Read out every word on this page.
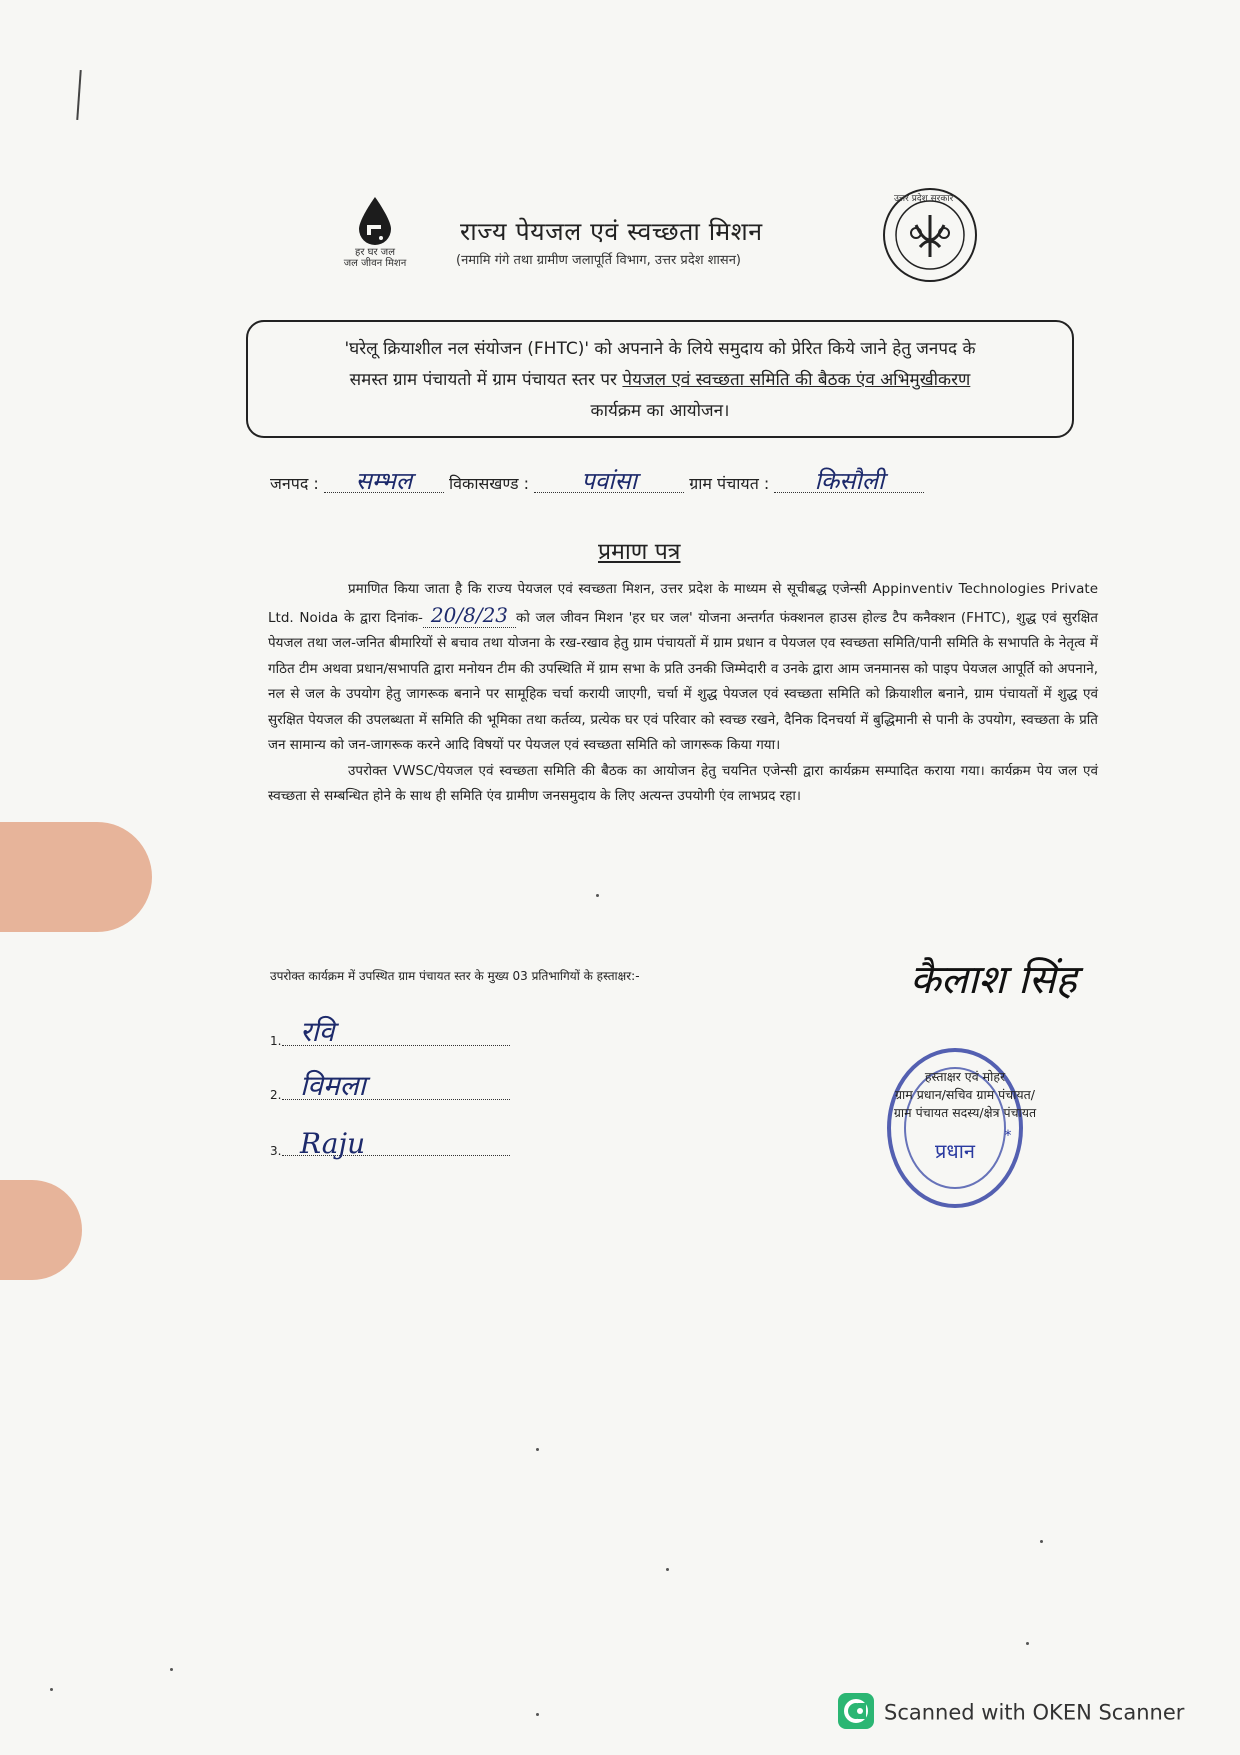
हर घर जल
जल जीवन मिशन
राज्य पेयजल एवं स्वच्छता मिशन
(नमामि गंगे तथा ग्रामीण जलापूर्ति विभाग, उत्तर प्रदेश शासन)
उत्तर प्रदेश सरकार
'घरेलू क्रियाशील नल संयोजन (FHTC)' को अपनाने के लिये समुदाय को प्रेरित किये जाने हेतु जनपद के
समस्त ग्राम पंचायतो में ग्राम पंचायत स्तर पर पेयजल एवं स्वच्छता समिति की बैठक एंव अभिमुखीकरण
कार्यक्रम का आयोजन।
जनपद : सम्भल विकासखण्ड : पवांसा	ग्राम पंचायत : किसौली
प्रमाण पत्र

प्रमाणित किया जाता है कि राज्य पेयजल एवं स्वच्छता मिशन, उत्तर प्रदेश के माध्यम से सूचीबद्ध एजेन्सी Appinventiv Technologies Private Ltd. Noida के द्वारा दिनांक- 20/8/23 को जल जीवन मिशन 'हर घर जल' योजना अन्तर्गत फंक्शनल हाउस होल्ड टैप कनैक्शन (FHTC), शुद्ध एवं सुरक्षित पेयजल तथा जल-जनित बीमारियों से बचाव तथा योजना के रख-रखाव हेतु ग्राम पंचायतों में ग्राम प्रधान व पेयजल एव स्वच्छता समिति/पानी समिति के सभापति के नेतृत्व में गठित टीम अथवा प्रधान/सभापति द्वारा मनोयन टीम की उपस्थिति में ग्राम सभा के प्रति उनकी जिम्मेदारी व उनके द्वारा आम जनमानस को पाइप पेयजल आपूर्ति को अपनाने, नल से जल के उपयोग हेतु जागरूक बनाने पर सामूहिक चर्चा करायी जाएगी, चर्चा में शुद्ध पेयजल एवं स्वच्छता समिति को क्रियाशील बनाने, ग्राम पंचायतों में शुद्ध एवं सुरक्षित पेयजल की उपलब्धता में समिति की भूमिका तथा कर्तव्य, प्रत्येक घर एवं परिवार को स्वच्छ रखने, दैनिक दिनचर्या में बुद्धिमानी से पानी के उपयोग, स्वच्छता के प्रति जन सामान्य को जन-जागरूक करने आदि विषयों पर पेयजल एवं स्वच्छता समिति को जागरूक किया गया।

उपरोक्त VWSC/पेयजल एवं स्वच्छता समिति की बैठक का आयोजन हेतु चयनित एजेन्सी द्वारा कार्यक्रम सम्पादित कराया गया। कार्यक्रम पेय जल एवं स्वच्छता से सम्बन्धित होने के साथ ही समिति एंव ग्रामीण जनसमुदाय के लिए अत्यन्त उपयोगी एंव लाभप्रद रहा।

उपरोक्त कार्यक्रम में उपस्थित ग्राम पंचायत स्तर के मुख्य 03 प्रतिभागियों के हस्ताक्षर:-
1. रवि
2. विमला
3. Raju
कैलाश सिंह
प्रधान
*
हस्ताक्षर एवं मोहर
ग्राम प्रधान/सचिव ग्राम पंचायत/
ग्राम पंचायत सदस्य/क्षेत्र पंचायत
Scanned with OKEN Scanner
